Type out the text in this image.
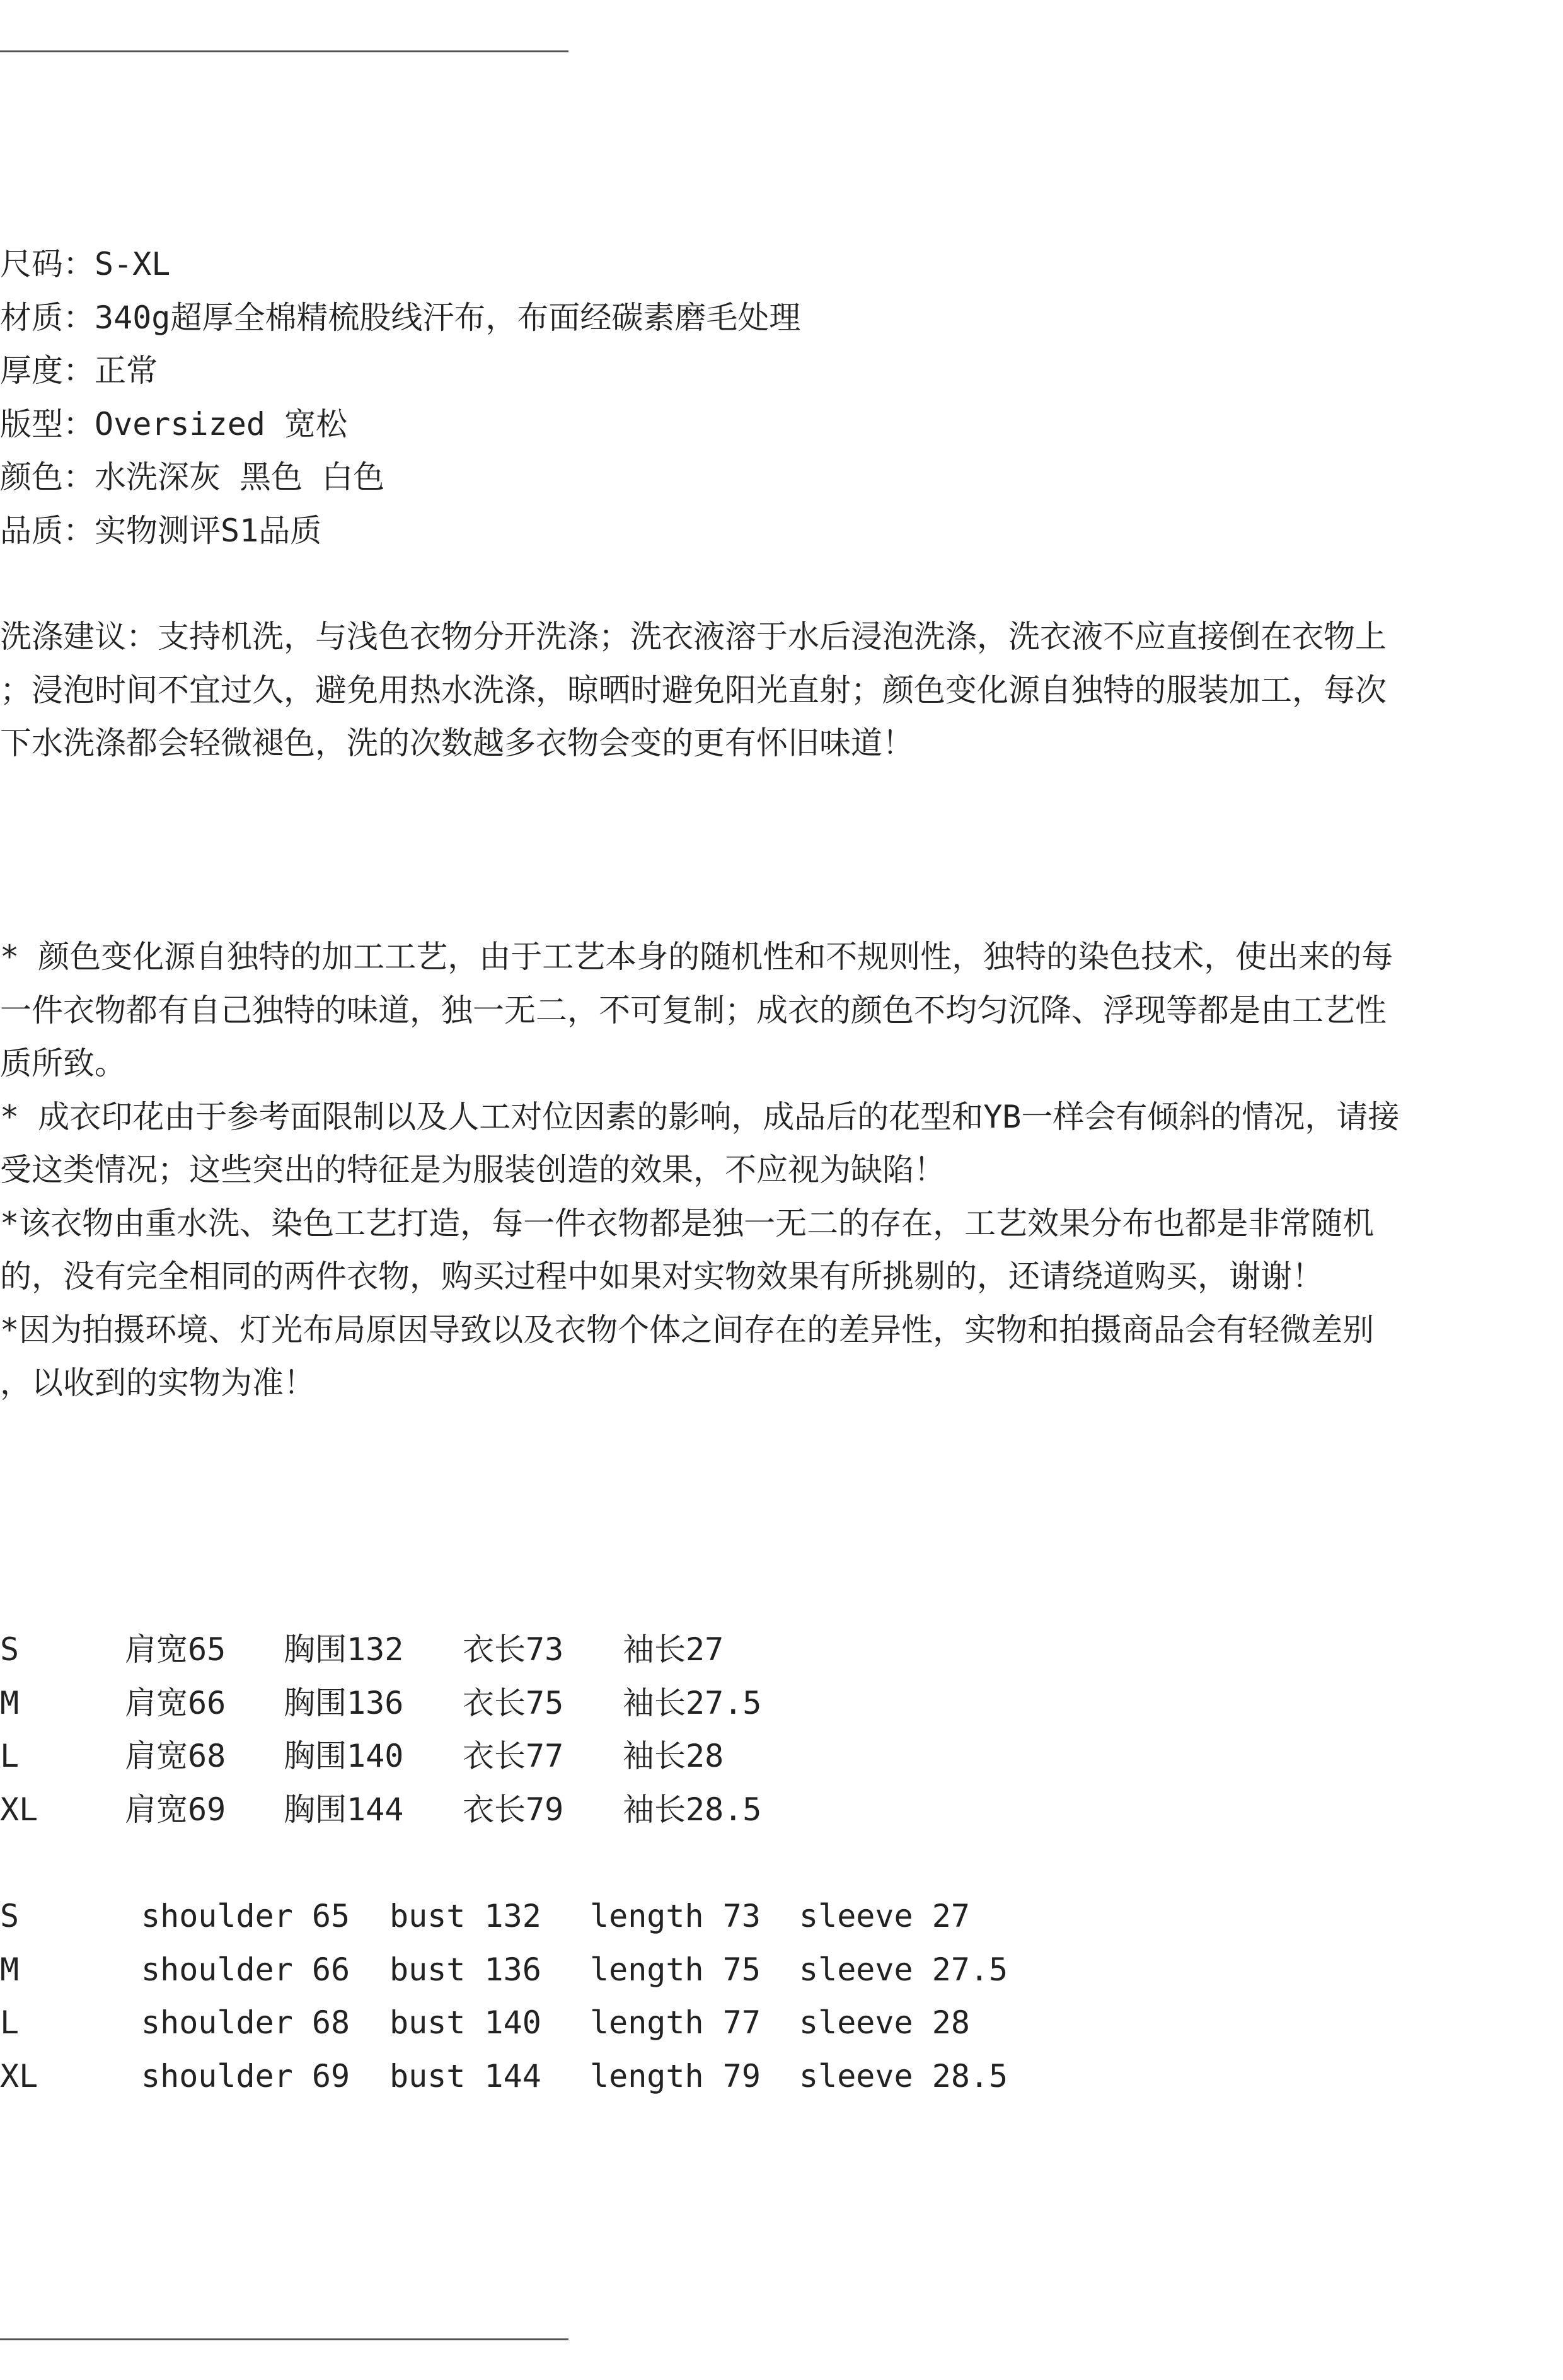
尺码：S-XL
材质：340g超厚全棉精梳股线汗布，布面经碳素磨毛处理
厚度：正常
版型：Oversized 宽松
颜色：水洗深灰 黑色 白色
品质：实物测评S1品质
洗涤建议：支持机洗，与浅色衣物分开洗涤；洗衣液溶于水后浸泡洗涤，洗衣液不应直接倒在衣物上
；浸泡时间不宜过久，避免用热水洗涤，晾晒时避免阳光直射；颜色变化源自独特的服装加工，每次
下水洗涤都会轻微褪色，洗的次数越多衣物会变的更有怀旧味道！
* 颜色变化源自独特的加工工艺，由于工艺本身的随机性和不规则性，独特的染色技术，使出来的每
一件衣物都有自己独特的味道，独一无二，不可复制；成衣的颜色不均匀沉降、浮现等都是由工艺性
质所致。
* 成衣印花由于参考面限制以及人工对位因素的影响，成品后的花型和YB一样会有倾斜的情况，请接
受这类情况；这些突出的特征是为服装创造的效果，不应视为缺陷！
*该衣物由重水洗、染色工艺打造，每一件衣物都是独一无二的存在，工艺效果分布也都是非常随机
的，没有完全相同的两件衣物，购买过程中如果对实物效果有所挑剔的，还请绕道购买，谢谢！
*因为拍摄环境、灯光布局原因导致以及衣物个体之间存在的差异性，实物和拍摄商品会有轻微差别
，以收到的实物为准！
S	肩宽65 胸围132 衣长73 袖长27
M	肩宽66 胸围136 衣长75 袖长27.5
L	肩宽68 胸围140 衣长77 袖长28
XL	肩宽69 胸围144 衣长79 袖长28.5
S	shoulder 65 bust 132 length 73 sleeve 27
M	shoulder 66 bust 136 length 75 sleeve 27.5
L	shoulder 68 bust 140 length 77 sleeve 28
XL	shoulder 69 bust 144 length 79 sleeve 28.5
